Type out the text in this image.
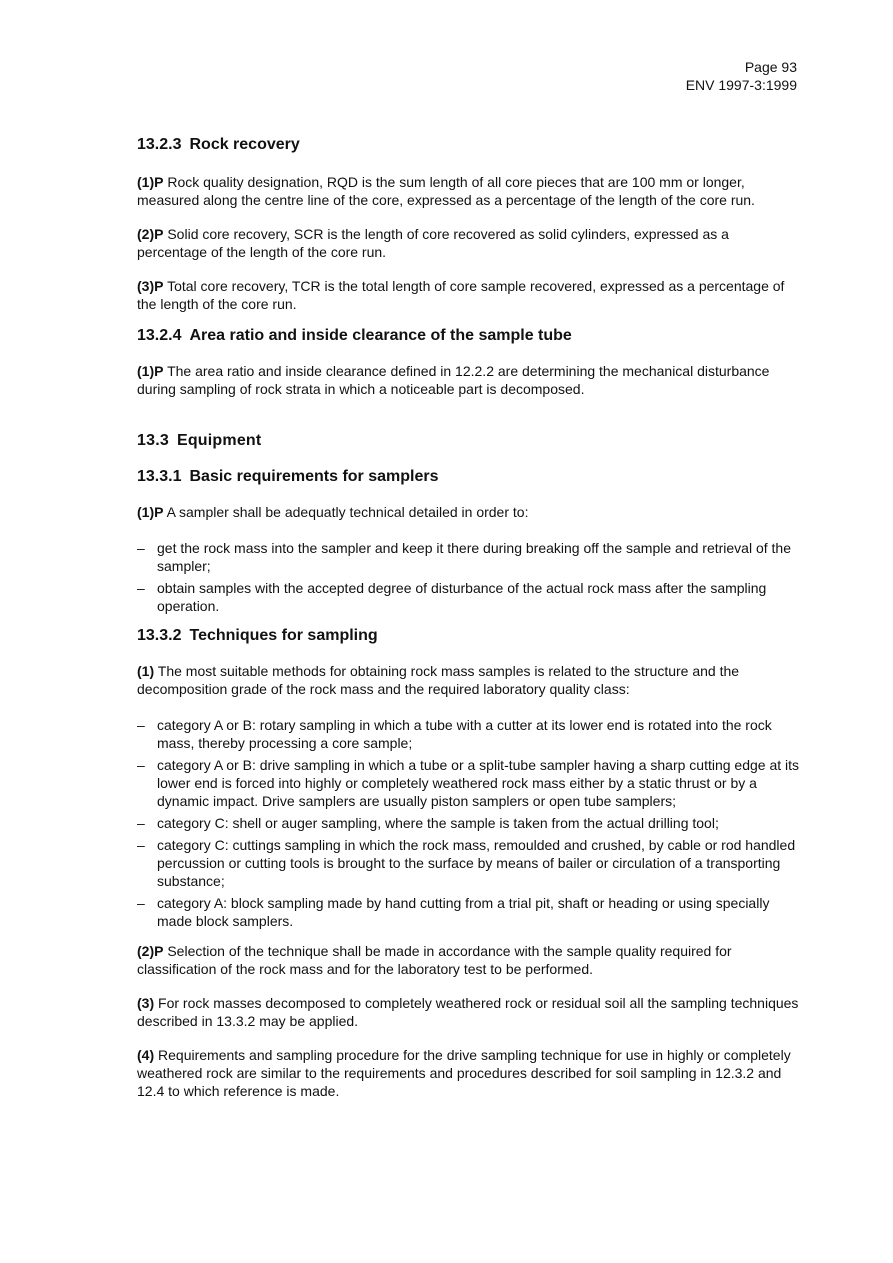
Page 93
ENV 1997-3:1999
13.2.3 Rock recovery

(1)P Rock quality designation, RQD is the sum length of all core pieces that are 100 mm or longer, measured along the centre line of the core, expressed as a percentage of the length of the core run.

(2)P Solid core recovery, SCR is the length of core recovered as solid cylinders, expressed as a percentage of the length of the core run.

(3)P Total core recovery, TCR is the total length of core sample recovered, expressed as a percentage of the length of the core run.

13.2.4 Area ratio and inside clearance of the sample tube

(1)P The area ratio and inside clearance defined in 12.2.2 are determining the mechanical disturbance during sampling of rock strata in which a noticeable part is decomposed.

13.3 Equipment
13.3.1 Basic requirements for samplers

(1)P A sampler shall be adequatly technical detailed in order to:

– get the rock mass into the sampler and keep it there during breaking off the sample and retrieval of the sampler;
– obtain samples with the accepted degree of disturbance of the actual rock mass after the sampling operation.
13.3.2 Techniques for sampling

(1) The most suitable methods for obtaining rock mass samples is related to the structure and the decomposition grade of the rock mass and the required laboratory quality class:

– category A or B: rotary sampling in which a tube with a cutter at its lower end is rotated into the rock mass, thereby processing a core sample;
– category A or B: drive sampling in which a tube or a split-tube sampler having a sharp cutting edge at its lower end is forced into highly or completely weathered rock mass either by a static thrust or by a dynamic impact. Drive samplers are usually piston samplers or open tube samplers;
– category C: shell or auger sampling, where the sample is taken from the actual drilling tool;
– category C: cuttings sampling in which the rock mass, remoulded and crushed, by cable or rod handled percussion or cutting tools is brought to the surface by means of bailer or circulation of a transporting substance;
– category A: block sampling made by hand cutting from a trial pit, shaft or heading or using specially made block samplers.

(2)P Selection of the technique shall be made in accordance with the sample quality required for classification of the rock mass and for the laboratory test to be performed.

(3) For rock masses decomposed to completely weathered rock or residual soil all the sampling techniques described in 13.3.2 may be applied.

(4) Requirements and sampling procedure for the drive sampling technique for use in highly or completely weathered rock are similar to the requirements and procedures described for soil sampling in 12.3.2 and 12.4 to which reference is made.
